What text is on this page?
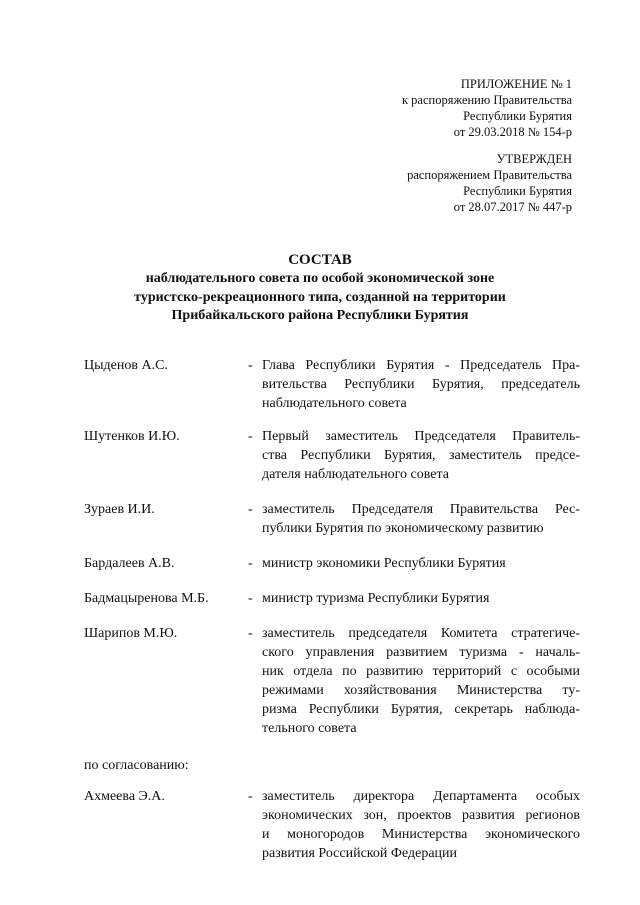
ПРИЛОЖЕНИЕ № 1
к распоряжению Правительства
Республики Бурятия
от 29.03.2018 № 154-р
УТВЕРЖДЕН
распоряжением Правительства
Республики Бурятия
от 28.07.2017 № 447-р
СОСТАВ
наблюдательного совета по особой экономической зоне
туристско-рекреационного типа, созданной на территории
Прибайкальского района Республики Бурятия
Цыденов А.С.	- Глава Республики Бурятия - Председатель Пра-
вительства Республики Бурятия, председатель
наблюдательного совета
Шутенков И.Ю.	- Первый заместитель Председателя Правитель-
ства Республики Бурятия, заместитель предсе-
дателя наблюдательного совета
Зураев И.И.	- заместитель Председателя Правительства Рес-
публики Бурятия по экономическому развитию
Бардалеев А.В.	- министр экономики Республики Бурятия
Бадмацыренова М.Б.	- министр туризма Республики Бурятия
Шарипов М.Ю.	- заместитель председателя Комитета стратегиче-
ского управления развитием туризма - началь-
ник отдела по развитию территорий с особыми
режимами хозяйствования Министерства ту-
ризма Республики Бурятия, секретарь наблюда-
тельного совета
по согласованию:
Ахмеева Э.А.	- заместитель директора Департамента особых
экономических зон, проектов развития регионов
и моногородов Министерства экономического
развития Российской Федерации
